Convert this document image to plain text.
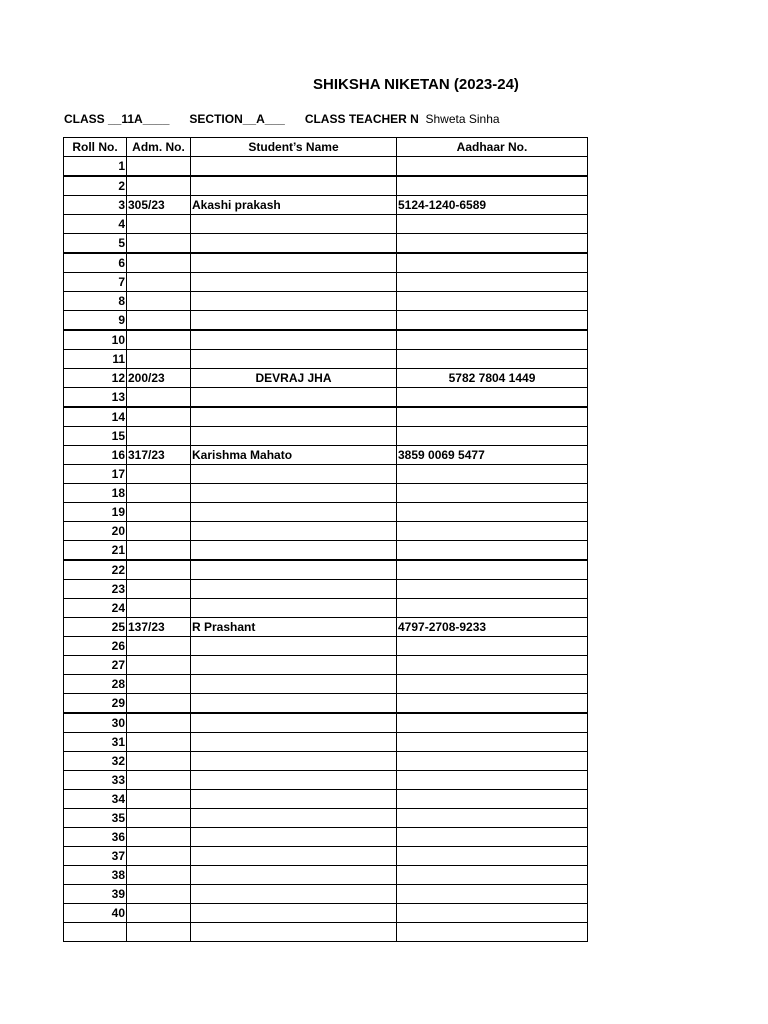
SHIKSHA NIKETAN (2023-24)
CLASS __11A____ SECTION__A___ CLASS TEACHER N Shweta Sinha
Roll No.	Adm. No.	Student’s Name	Aadhaar No.
1			
2			
3	305/23	Akashi prakash	5124-1240-6589
4			
5			
6			
7			
8			
9			
10			
11			
12	200/23	DEVRAJ JHA	5782 7804 1449
13			
14			
15			
16	317/23	Karishma Mahato	3859 0069 5477
17			
18			
19			
20			
21			
22			
23			
24			
25	137/23	R Prashant	4797-2708-9233
26			
27			
28			
29			
30			
31			
32			
33			
34			
35			
36			
37			
38			
39			
40			
